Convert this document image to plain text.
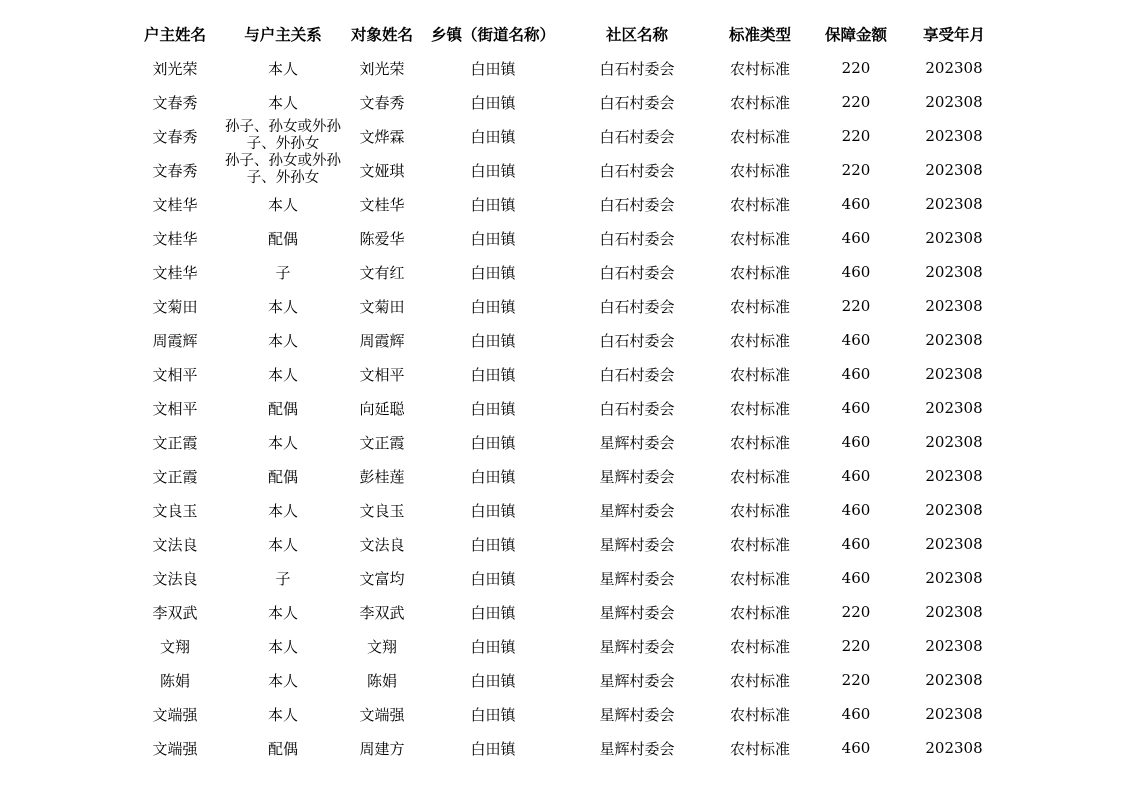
户主姓名	与户主关系	对象姓名	乡镇（街道名称）	社区名称	标准类型	保障金额	享受年月
刘光荣	本人	刘光荣	白田镇	白石村委会	农村标准	220	202308
文春秀	本人	文春秀	白田镇	白石村委会	农村标准	220	202308
文春秀	孙子、孙女或外孙子、外孙女	文烨霖	白田镇	白石村委会	农村标准	220	202308
文春秀	孙子、孙女或外孙子、外孙女	文娅琪	白田镇	白石村委会	农村标准	220	202308
文桂华	本人	文桂华	白田镇	白石村委会	农村标准	460	202308
文桂华	配偶	陈爱华	白田镇	白石村委会	农村标准	460	202308
文桂华	子	文有红	白田镇	白石村委会	农村标准	460	202308
文菊田	本人	文菊田	白田镇	白石村委会	农村标准	220	202308
周霞辉	本人	周霞辉	白田镇	白石村委会	农村标准	460	202308
文相平	本人	文相平	白田镇	白石村委会	农村标准	460	202308
文相平	配偶	向延聪	白田镇	白石村委会	农村标准	460	202308
文正霞	本人	文正霞	白田镇	星辉村委会	农村标准	460	202308
文正霞	配偶	彭桂莲	白田镇	星辉村委会	农村标准	460	202308
文良玉	本人	文良玉	白田镇	星辉村委会	农村标准	460	202308
文法良	本人	文法良	白田镇	星辉村委会	农村标准	460	202308
文法良	子	文富均	白田镇	星辉村委会	农村标准	460	202308
李双武	本人	李双武	白田镇	星辉村委会	农村标准	220	202308
文翔	本人	文翔	白田镇	星辉村委会	农村标准	220	202308
陈娟	本人	陈娟	白田镇	星辉村委会	农村标准	220	202308
文端强	本人	文端强	白田镇	星辉村委会	农村标准	460	202308
文端强	配偶	周建方	白田镇	星辉村委会	农村标准	460	202308
